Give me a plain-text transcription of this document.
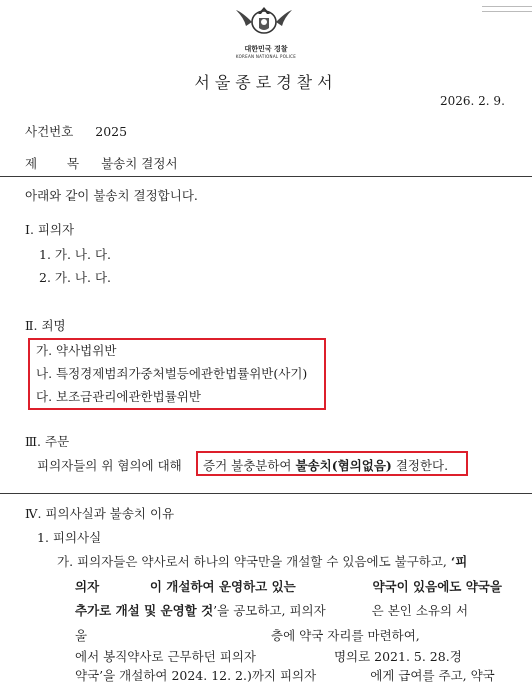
대한민국 경찰
KOREAN NATIONAL POLICE
서울종로경찰서
2026. 2. 9.
사건번호 2025
제 목 불송치 결정서
아래와 같이 불송치 결정합니다.
Ⅰ. 피의자
1. 가. 나. 다.
2. 가. 나. 다.
Ⅱ. 죄명
가. 약사법위반
나. 특정경제범죄가중처벌등에관한법률위반(사기)
다. 보조금관리에관한법률위반
Ⅲ. 주문
피의자들의 위 혐의에 대해 증거 불충분하여 불송치(혐의없음) 결정한다.
Ⅳ. 피의사실과 불송치 이유
1. 피의사실
가. 피의자들은 약사로서 하나의 약국만을 개설할 수 있음에도 불구하고, ‘피
의자	이 개설하여 운영하고 있는	약국이 있음에도 약국을
추가로 개설 및 운영할 것’을 공모하고, 피의자	은 본인 소유의 서
울	층에 약국 자리를 마련하여,
에서 봉직약사로 근무하던 피의자	명의로 2021. 5. 28.경
약국’을 개설하여 2024. 12. 2.)까지 피의자	에게 급여를 주고, 약국
